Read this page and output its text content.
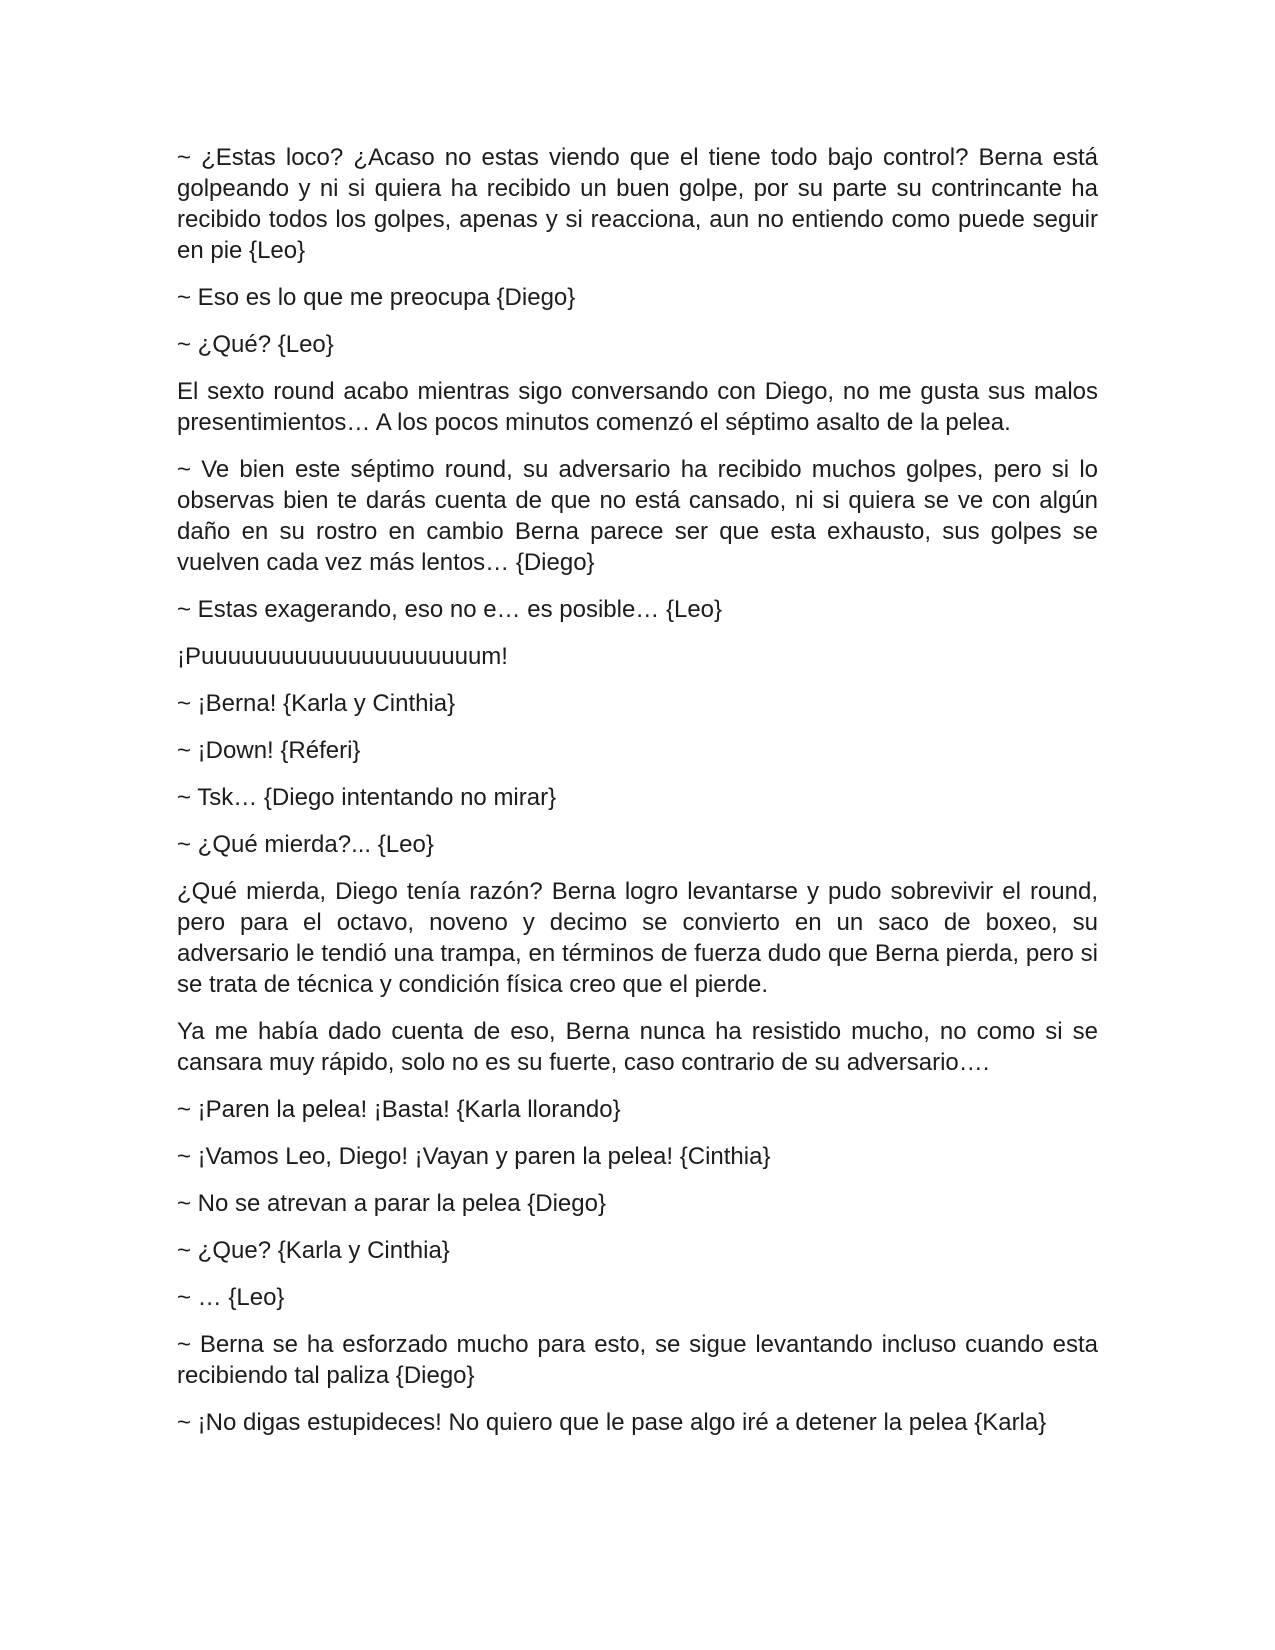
~ ¿Estas loco? ¿Acaso no estas viendo que el tiene todo bajo control? Berna está golpeando y ni si quiera ha recibido un buen golpe, por su parte su contrincante ha recibido todos los golpes, apenas y si reacciona, aun no entiendo como puede seguir en pie {Leo}

~ Eso es lo que me preocupa {Diego}

~ ¿Qué? {Leo}

El sexto round acabo mientras sigo conversando con Diego, no me gusta sus malos presentimientos… A los pocos minutos comenzó el séptimo asalto de la pelea.

~ Ve bien este séptimo round, su adversario ha recibido muchos golpes, pero si lo observas bien te darás cuenta de que no está cansado, ni si quiera se ve con algún daño en su rostro en cambio Berna parece ser que esta exhausto, sus golpes se vuelven cada vez más lentos… {Diego}

~ Estas exagerando, eso no e… es posible… {Leo}

¡Puuuuuuuuuuuuuuuuuuuuum!

~ ¡Berna! {Karla y Cinthia}

~ ¡Down! {Réferi}

~ Tsk… {Diego intentando no mirar}

~ ¿Qué mierda?... {Leo}

¿Qué mierda, Diego tenía razón? Berna logro levantarse y pudo sobrevivir el round, pero para el octavo, noveno y decimo se convierto en un saco de boxeo, su adversario le tendió una trampa, en términos de fuerza dudo que Berna pierda, pero si se trata de técnica y condición física creo que el pierde.

Ya me había dado cuenta de eso, Berna nunca ha resistido mucho, no como si se cansara muy rápido, solo no es su fuerte, caso contrario de su adversario….

~ ¡Paren la pelea! ¡Basta! {Karla llorando}

~ ¡Vamos Leo, Diego! ¡Vayan y paren la pelea! {Cinthia}

~ No se atrevan a parar la pelea {Diego}

~ ¿Que? {Karla y Cinthia}

~ … {Leo}

~ Berna se ha esforzado mucho para esto, se sigue levantando incluso cuando esta recibiendo tal paliza {Diego}

~ ¡No digas estupideces! No quiero que le pase algo iré a detener la pelea {Karla}
